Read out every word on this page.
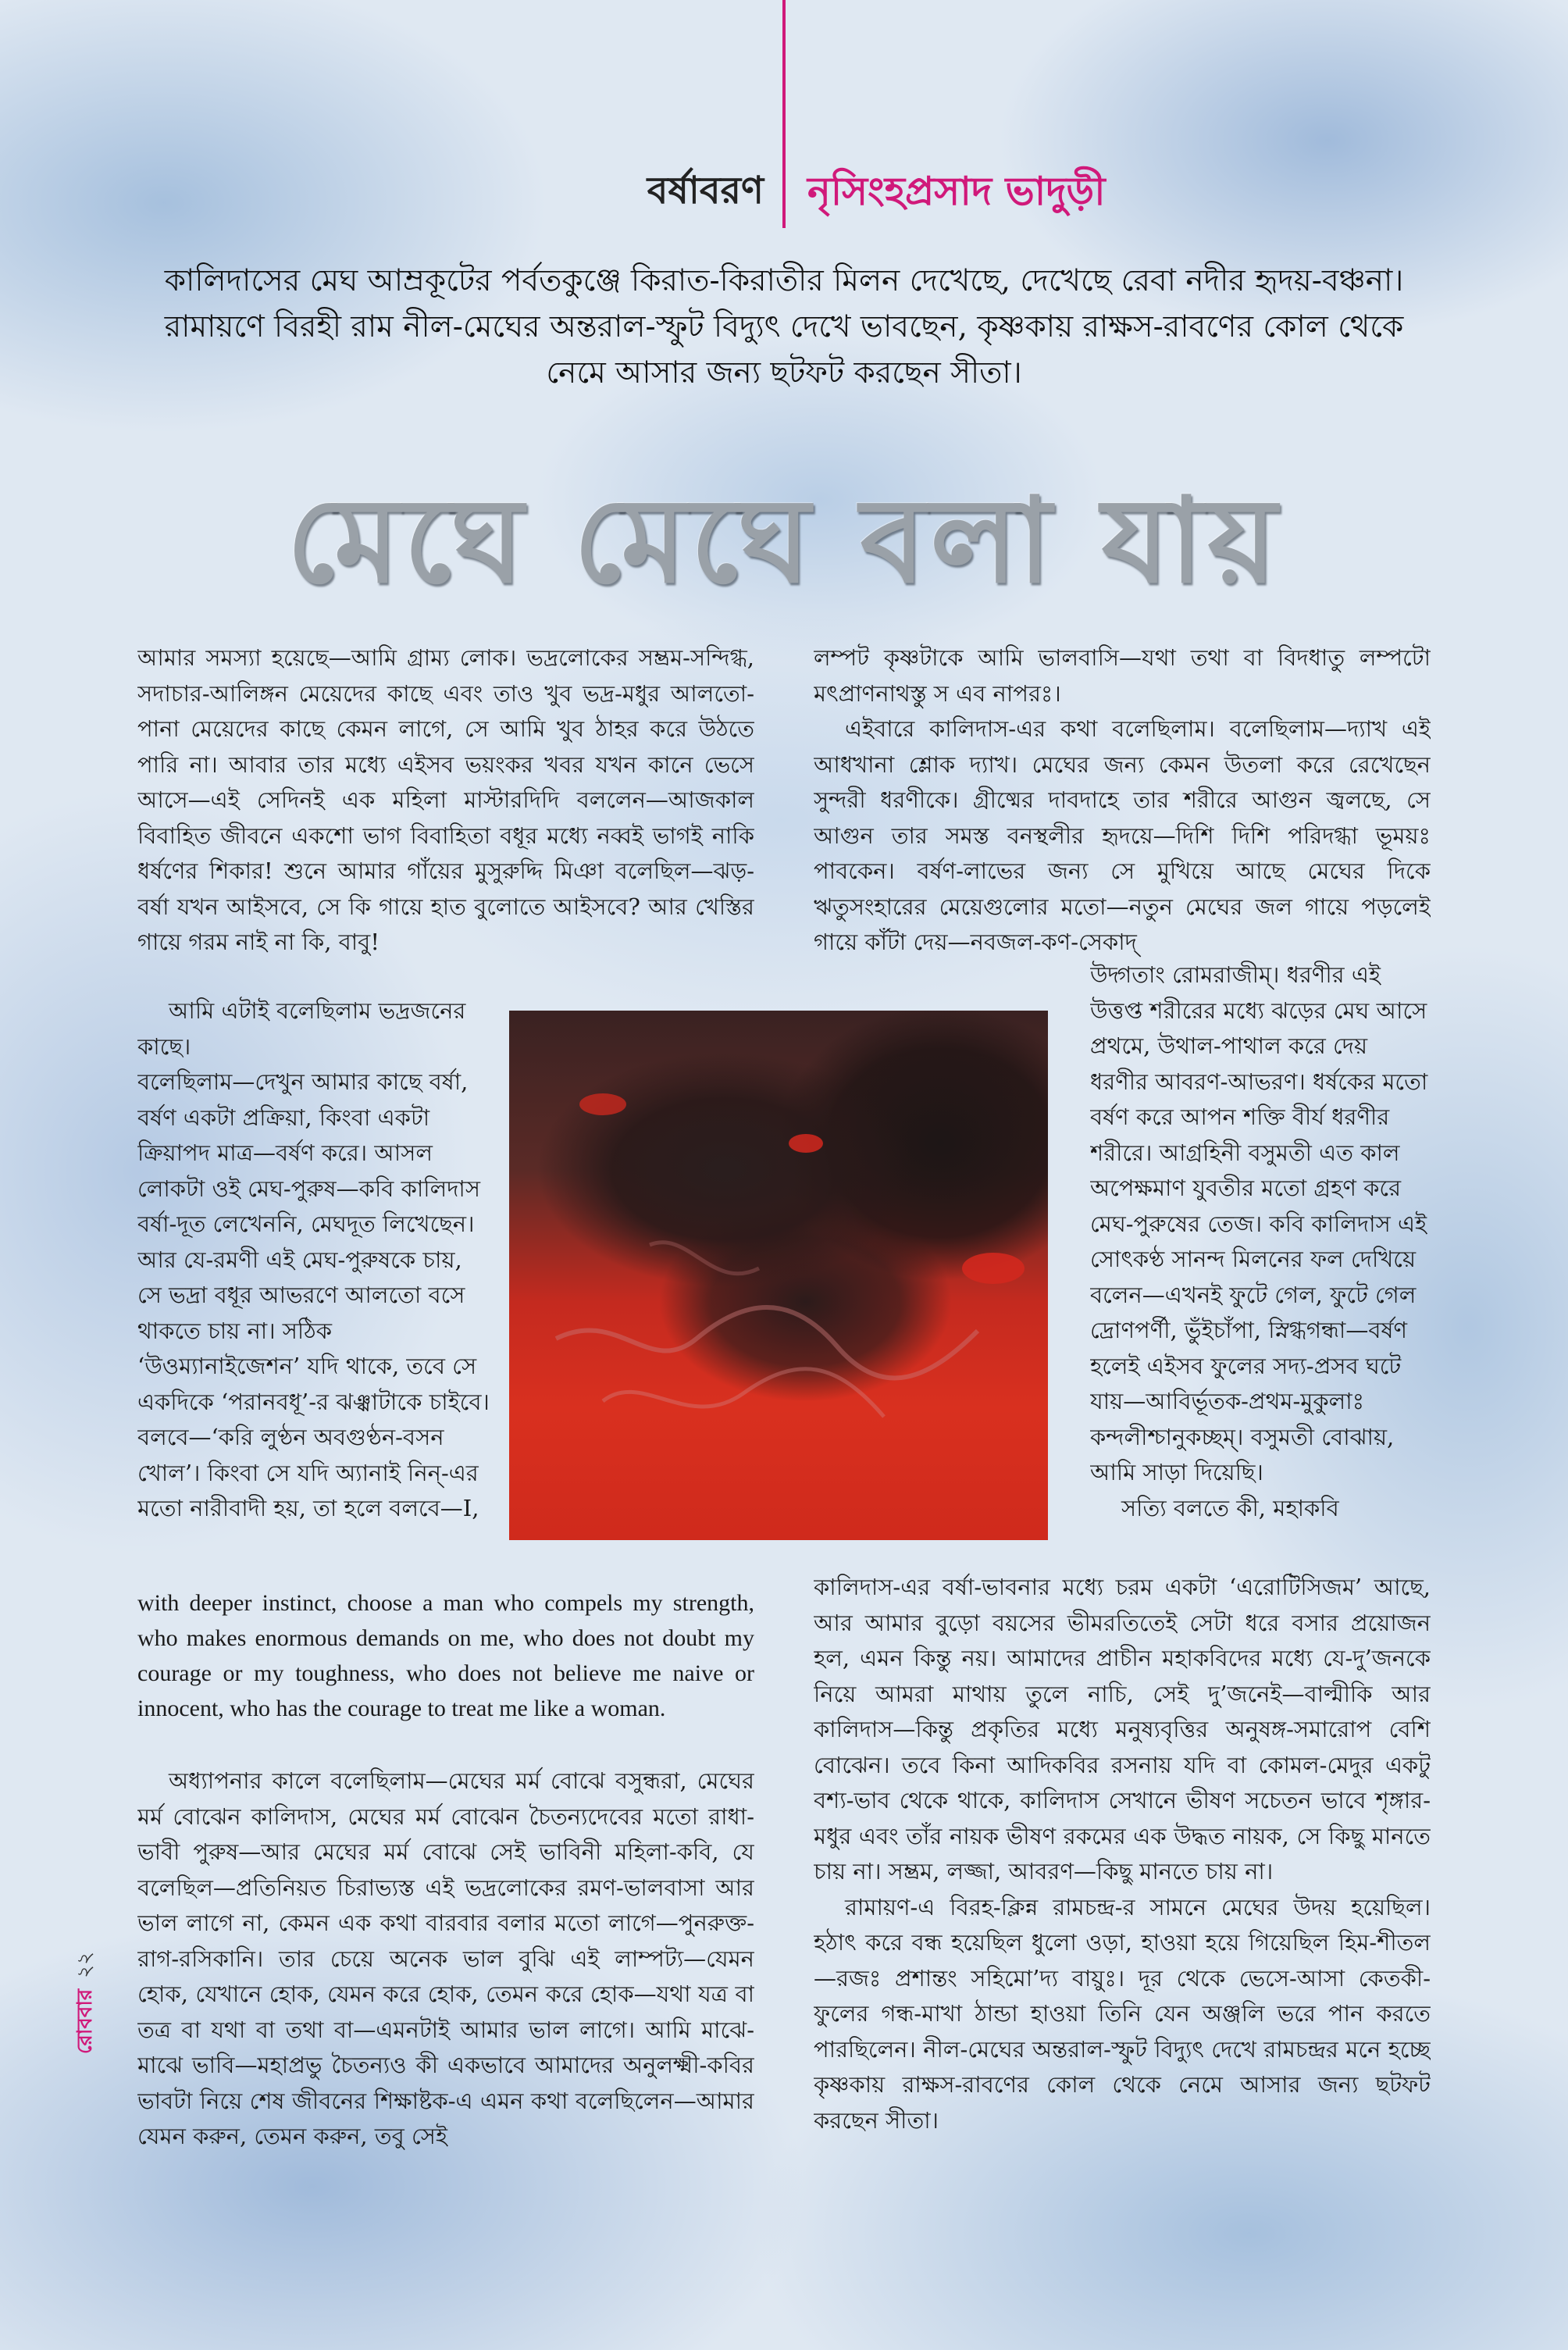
বর্ষাবরণ নৃসিংহপ্রসাদ ভাদুড়ী

কালিদাসের মেঘ আম্রকূটের পর্বতকুঞ্জে কিরাত-কিরাতীর মিলন দেখেছে, দেখেছে রেবা নদীর হৃদয়-বঞ্চনা। রামায়ণে বিরহী রাম নীল-মেঘের অন্তরাল-স্ফুট বিদ্যুৎ দেখে ভাবছেন, কৃষ্ণকায় রাক্ষস-রাবণের কোল থেকে নেমে আসার জন্য ছটফট করছেন সীতা।

মেঘে মেঘে বলা যায়

আমার সমস্যা হয়েছে—আমি গ্রাম্য লোক। ভদ্রলোকের সম্ভ্রম-সন্দিগ্ধ, সদাচার-আলিঙ্গন মেয়েদের কাছে এবং তাও খুব ভদ্র-মধুর আলতো-পানা মেয়েদের কাছে কেমন লাগে, সে আমি খুব ঠাহর করে উঠতে পারি না। আবার তার মধ্যে এইসব ভয়ংকর খবর যখন কানে ভেসে আসে—এই সেদিনই এক মহিলা মাস্টারদিদি বললেন—আজকাল বিবাহিত জীবনে একশো ভাগ বিবাহিতা বধূর মধ্যে নব্বই ভাগই নাকি ধর্ষণের শিকার! শুনে আমার গাঁয়ের মুসুরুদ্দি মিঞা বলেছিল—ঝড়-বর্ষা যখন আইসবে, সে কি গায়ে হাত বুলোতে আইসবে? আর খেস্তির গায়ে গরম নাই না কি, বাবু!

আমি এটাই বলেছিলাম ভদ্রজনের কাছে।

বলেছিলাম—দেখুন আমার কাছে বর্ষা, বর্ষণ একটা প্রক্রিয়া, কিংবা একটা ক্রিয়াপদ মাত্র—বর্ষণ করে। আসল লোকটা ওই মেঘ-পুরুষ—কবি কালিদাস বর্ষা-দূত লেখেননি, মেঘদূত লিখেছেন। আর যে-রমণী এই মেঘ-পুরুষকে চায়, সে ভদ্রা বধূর আভরণে আলতো বসে থাকতে চায় না। সঠিক ‘উওম্যানাইজেশন’ যদি থাকে, তবে সে একদিকে ‘পরানবধূ’-র ঝঞ্ঝাটাকে চাইবে। বলবে—‘করি লুণ্ঠন অবগুণ্ঠন-বসন খোল’। কিংবা সে যদি অ্যানাই নিন্-এর মতো নারীবাদী হয়, তা হলে বলবে—I,

with deeper instinct, choose a man who compels my strength, who makes enormous demands on me, who does not doubt my courage or my toughness, who does not believe me naive or innocent, who has the courage to treat me like a woman.

অধ্যাপনার কালে বলেছিলাম—মেঘের মর্ম বোঝে বসুন্ধরা, মেঘের মর্ম বোঝেন কালিদাস, মেঘের মর্ম বোঝেন চৈতন্যদেবের মতো রাধা-ভাবী পুরুষ—আর মেঘের মর্ম বোঝে সেই ভাবিনী মহিলা-কবি, যে বলেছিল—প্রতিনিয়ত চিরাভ্যস্ত এই ভদ্রলোকের রমণ-ভালবাসা আর ভাল লাগে না, কেমন এক কথা বারবার বলার মতো লাগে—পুনরুক্ত-রাগ-রসিকানি। তার চেয়ে অনেক ভাল বুঝি এই লাম্পট্য—যেমন হোক, যেখানে হোক, যেমন করে হোক, তেমন করে হোক—যথা যত্র বা তত্র বা যথা বা তথা বা—এমনটাই আমার ভাল লাগে। আমি মাঝে-মাঝে ভাবি—মহাপ্রভু চৈতন্যও কী একভাবে আমাদের অনুলক্ষ্মী-কবির ভাবটা নিয়ে শেষ জীবনের শিক্ষাষ্টক-এ এমন কথা বলেছিলেন—আমার যেমন করুন, তেমন করুন, তবু সেই

লম্পট কৃষ্ণটাকে আমি ভালবাসি—যথা তথা বা বিদধাতু লম্পটো মৎপ্রাণনাথস্তু স এব নাপরঃ।

এইবারে কালিদাস-এর কথা বলেছিলাম। বলেছিলাম—দ্যাখ এই আধখানা শ্লোক দ্যাখ। মেঘের জন্য কেমন উতলা করে রেখেছেন সুন্দরী ধরণীকে। গ্রীষ্মের দাবদাহে তার শরীরে আগুন জ্বলছে, সে আগুন তার সমস্ত বনস্থলীর হৃদয়ে—দিশি দিশি পরিদগ্ধা ভূময়ঃ পাবকেন। বর্ষণ-লাভের জন্য সে মুখিয়ে আছে মেঘের দিকে ঋতুসংহারের মেয়েগুলোর মতো—নতুন মেঘের জল গায়ে পড়লেই গায়ে কাঁটা দেয়—নবজল-কণ-সেকাদ্

উদ্গতাং রোমরাজীম্। ধরণীর এই উত্তপ্ত শরীরের মধ্যে ঝড়ের মেঘ আসে প্রথমে, উথাল-পাথাল করে দেয় ধরণীর আবরণ-আভরণ। ধর্ষকের মতো বর্ষণ করে আপন শক্তি বীর্য ধরণীর শরীরে। আগ্রহিনী বসুমতী এত কাল অপেক্ষমাণ যুবতীর মতো গ্রহণ করে মেঘ-পুরুষের তেজ। কবি কালিদাস এই সোৎকণ্ঠ সানন্দ মিলনের ফল দেখিয়ে বলেন—এখনই ফুটে গেল, ফুটে গেল দ্রোণপর্ণী, ভুঁইচাঁপা, স্নিগ্ধগন্ধা—বর্ষণ হলেই এইসব ফুলের সদ্য-প্রসব ঘটে যায়—আবির্ভূতক-প্রথম-মুকুলাঃ কন্দলীশ্চানুকচ্ছম্। বসুমতী বোঝায়, আমি সাড়া দিয়েছি।

সত্যি বলতে কী, মহাকবি

কালিদাস-এর বর্ষা-ভাবনার মধ্যে চরম একটা ‘এরোটিসিজম’ আছে, আর আমার বুড়ো বয়সের ভীমরতিতেই সেটা ধরে বসার প্রয়োজন হল, এমন কিন্তু নয়। আমাদের প্রাচীন মহাকবিদের মধ্যে যে-দু’জনকে নিয়ে আমরা মাথায় তুলে নাচি, সেই দু’জনেই—বাল্মীকি আর কালিদাস—কিন্তু প্রকৃতির মধ্যে মনুষ্যবৃত্তির অনুষঙ্গ-সমারোপ বেশি বোঝেন। তবে কিনা আদিকবির রসনায় যদি বা কোমল-মেদুর একটু বশ্য-ভাব থেকে থাকে, কালিদাস সেখানে ভীষণ সচেতন ভাবে শৃঙ্গার-মধুর এবং তাঁর নায়ক ভীষণ রকমের এক উদ্ধত নায়ক, সে কিছু মানতে চায় না। সম্ভ্রম, লজ্জা, আবরণ—কিছু মানতে চায় না।

রামায়ণ-এ বিরহ-ক্লিন্ন রামচন্দ্র-র সামনে মেঘের উদয় হয়েছিল। হঠাৎ করে বন্ধ হয়েছিল ধুলো ওড়া, হাওয়া হয়ে গিয়েছিল হিম-শীতল—রজঃ প্রশান্তং সহিমো’দ্য বায়ুঃ। দূর থেকে ভেসে-আসা কেতকী-ফুলের গন্ধ-মাখা ঠান্ডা হাওয়া তিনি যেন অঞ্জলি ভরে পান করতে পারছিলেন। নীল-মেঘের অন্তরাল-স্ফুট বিদ্যুৎ দেখে রামচন্দ্রর মনে হচ্ছে কৃষ্ণকায় রাক্ষস-রাবণের কোল থেকে নেমে আসার জন্য ছটফট করছেন সীতা।

রোববার২২
